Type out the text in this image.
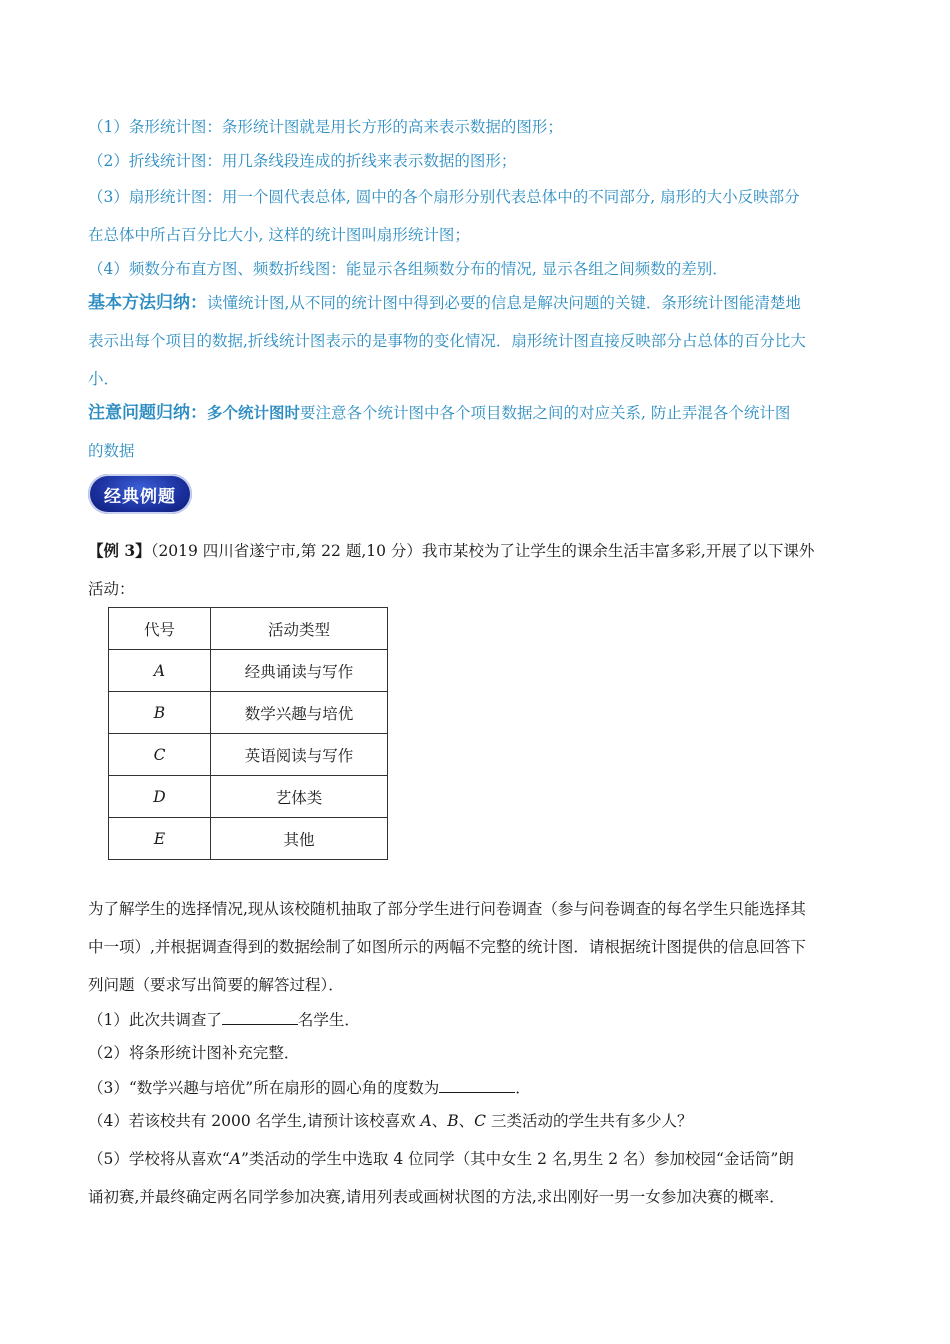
（1）条形统计图：条形统计图就是用长方形的高来表示数据的图形；
（2）折线统计图：用几条线段连成的折线来表示数据的图形；
（3）扇形统计图：用一个圆代表总体, 圆中的各个扇形分别代表总体中的不同部分, 扇形的大小反映部分
在总体中所占百分比大小, 这样的统计图叫扇形统计图；
（4）频数分布直方图、频数折线图：能显示各组频数分布的情况, 显示各组之间频数的差别．
基本方法归纳：读懂统计图,从不同的统计图中得到必要的信息是解决问题的关键．条形统计图能清楚地
表示出每个项目的数据,折线统计图表示的是事物的变化情况．扇形统计图直接反映部分占总体的百分比大
小．
注意问题归纳：多个统计图时要注意各个统计图中各个项目数据之间的对应关系, 防止弄混各个统计图
的数据
经典例题
【例 3】（2019 四川省遂宁市,第 22 题,10 分）我市某校为了让学生的课余生活丰富多彩,开展了以下课外
活动：
代号	活动类型
A	经典诵读与写作
B	数学兴趣与培优
C	英语阅读与写作
D	艺体类
E	其他
为了解学生的选择情况,现从该校随机抽取了部分学生进行问卷调查（参与问卷调查的每名学生只能选择其
中一项）,并根据调查得到的数据绘制了如图所示的两幅不完整的统计图．请根据统计图提供的信息回答下
列问题（要求写出简要的解答过程）．
（1）此次共调查了	名学生．
（2）将条形统计图补充完整．
（3）“数学兴趣与培优”所在扇形的圆心角的度数为	．
（4）若该校共有 2000 名学生,请预计该校喜欢 A、B、C 三类活动的学生共有多少人？
（5）学校将从喜欢“A”类活动的学生中选取 4 位同学（其中女生 2 名,男生 2 名）参加校园“金话筒”朗
诵初赛,并最终确定两名同学参加决赛,请用列表或画树状图的方法,求出刚好一男一女参加决赛的概率．
